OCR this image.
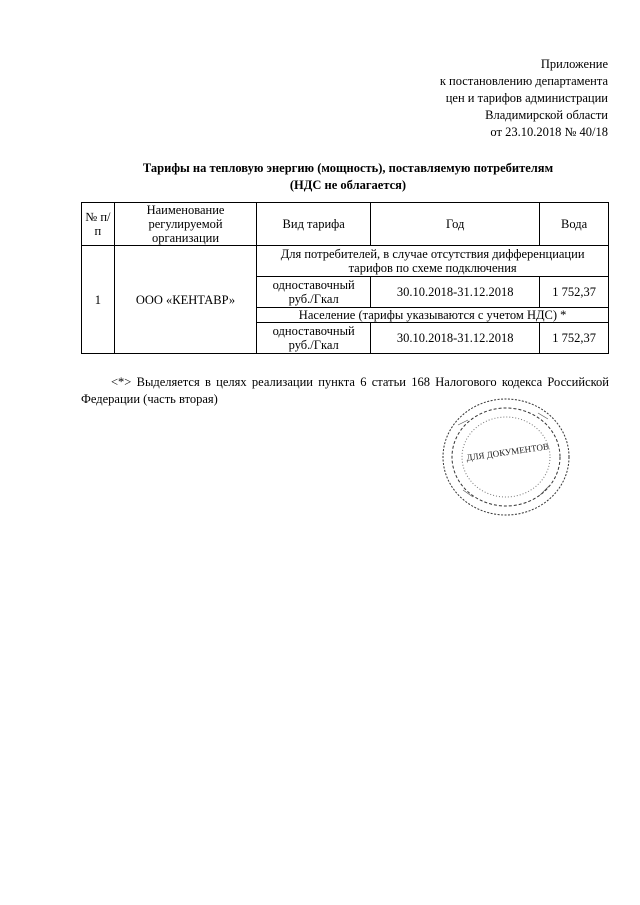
Приложение
к постановлению департамента
цен и тарифов администрации
Владимирской области
от 23.10.2018 № 40/18
Тарифы на тепловую энергию (мощность), поставляемую потребителям
(НДС не облагается)
№ п/п	Наименование регулируемой организации	Вид тарифа	Год	Вода
1	ООО «КЕНТАВР»	Для потребителей, в случае отсутствия дифференциации тарифов по схеме подключения		
		одноставочный руб./Гкал	30.10.2018-31.12.2018	1 752,37
		Население (тарифы указываются с учетом НДС) *		
		одноставочный руб./Гкал	30.10.2018-31.12.2018	1 752,37
<*> Выделяется в целях реализации пункта 6 статьи 168 Налогового кодекса Российской Федерации (часть вторая)
ДЛЯ ДОКУМЕНТОВ
